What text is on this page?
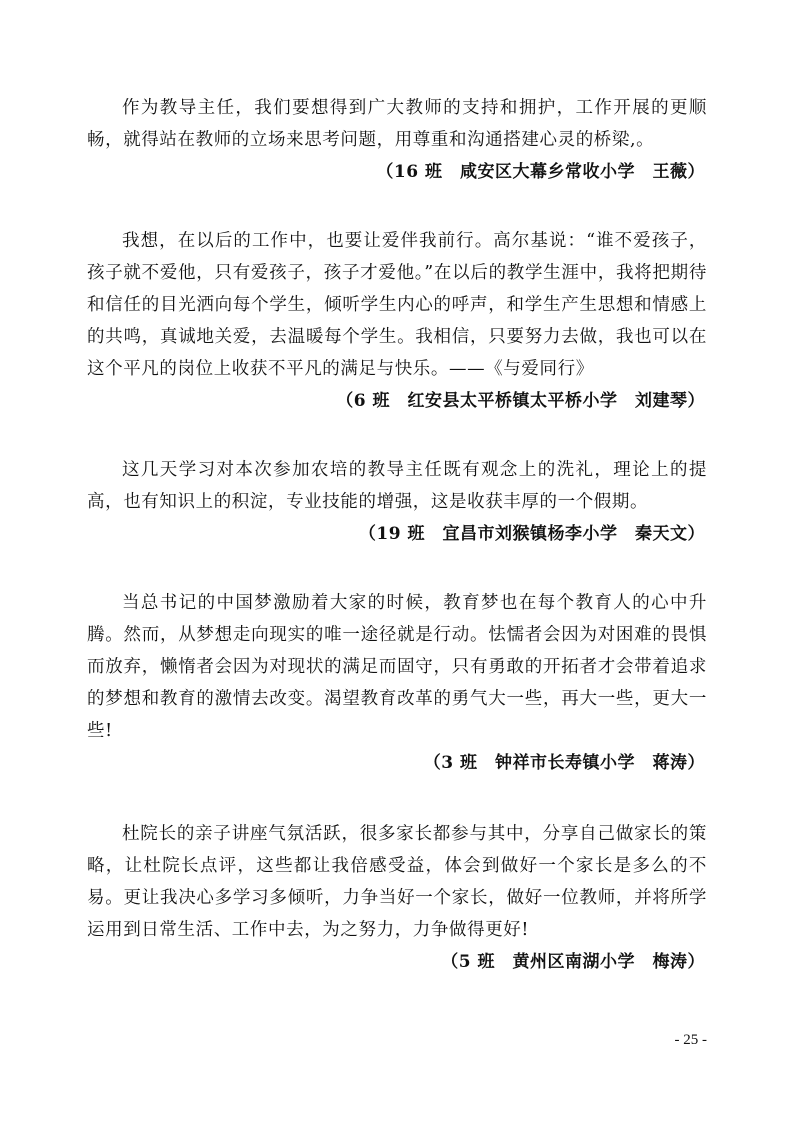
作为教导主任，我们要想得到广大教师的支持和拥护，工作开展的更顺畅，就得站在教师的立场来思考问题，用尊重和沟通搭建心灵的桥梁,。

（16 班　咸安区大幕乡常收小学　王薇）

我想，在以后的工作中，也要让爱伴我前行。高尔基说：“谁不爱孩子，孩子就不爱他，只有爱孩子，孩子才爱他。”在以后的教学生涯中，我将把期待和信任的目光洒向每个学生，倾听学生内心的呼声，和学生产生思想和情感上的共鸣，真诚地关爱，去温暖每个学生。我相信，只要努力去做，我也可以在这个平凡的岗位上收获不平凡的满足与快乐。——《与爱同行》

（6 班　红安县太平桥镇太平桥小学　刘建琴）

这几天学习对本次参加农培的教导主任既有观念上的洗礼，理论上的提高，也有知识上的积淀，专业技能的增强，这是收获丰厚的一个假期。

（19 班　宜昌市刘猴镇杨李小学　秦天文）

当总书记的中国梦激励着大家的时候，教育梦也在每个教育人的心中升腾。然而，从梦想走向现实的唯一途径就是行动。怯懦者会因为对困难的畏惧而放弃，懒惰者会因为对现状的满足而固守，只有勇敢的开拓者才会带着追求的梦想和教育的激情去改变。渴望教育改革的勇气大一些，再大一些，更大一些!

（3 班　钟祥市长寿镇小学　蒋涛）

杜院长的亲子讲座气氛活跃，很多家长都参与其中，分享自己做家长的策略，让杜院长点评，这些都让我倍感受益，体会到做好一个家长是多么的不易。更让我决心多学习多倾听，力争当好一个家长，做好一位教师，并将所学运用到日常生活、工作中去，为之努力，力争做得更好!

（5 班　黄州区南湖小学　梅涛）

- 25 -
